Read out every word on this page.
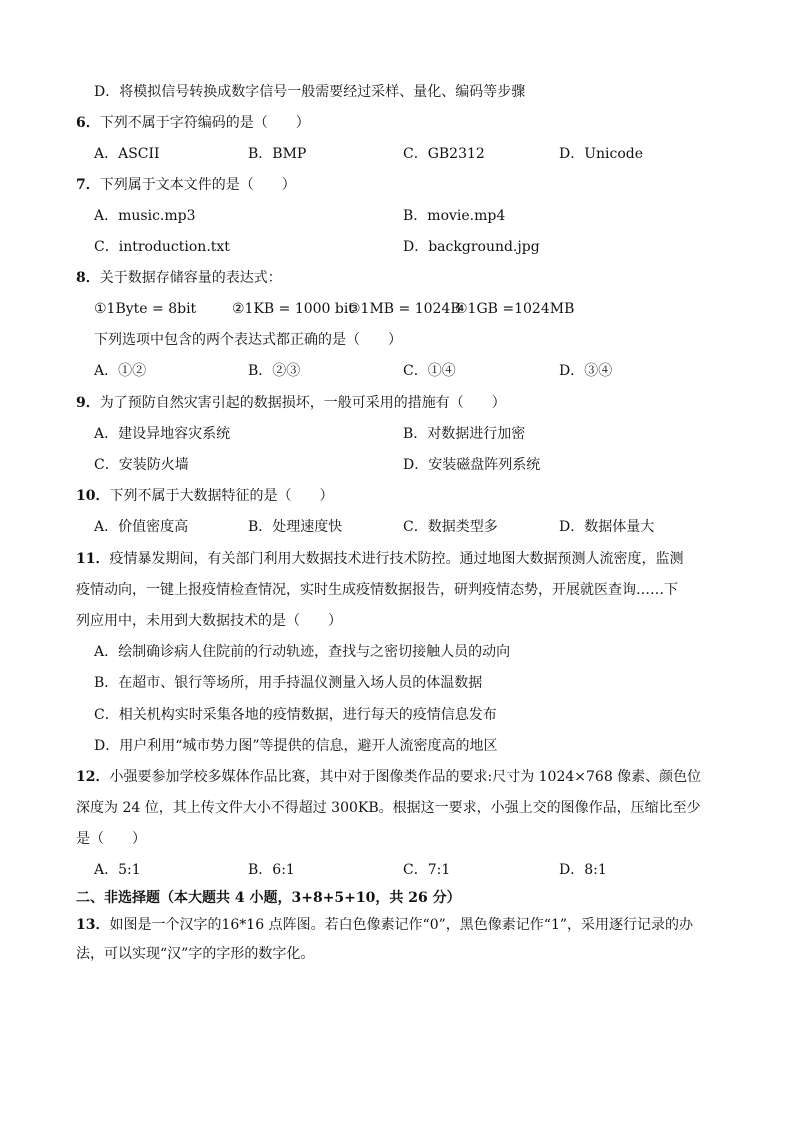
D．将模拟信号转换成数字信号一般需要经过采样、量化、编码等步骤
6．下列不属于字符编码的是（　　）
A．ASCII	B．BMP	C．GB2312	D．Unicode
7．下列属于文本文件的是（　　）
A．music.mp3	B．movie.mp4
C．introduction.txt	D．background.jpg
8．关于数据存储容量的表达式：
①1Byte = 8bit	②1KB = 1000 bit
③1MB = 1024B
④1GB =1024MB
下列选项中包含的两个表达式都正确的是（　　）
A．①②	B．②③	C．①④	D．③④
9．为了预防自然灾害引起的数据损坏，一般可采用的措施有（　　）
A．建设异地容灾系统	B．对数据进行加密
C．安装防火墙	D．安装磁盘阵列系统
10．下列不属于大数据特征的是（　　）
A．价值密度高	B．处理速度快	C．数据类型多	D．数据体量大
11．疫情暴发期间，有关部门利用大数据技术进行技术防控。通过地图大数据预测人流密度，监测
疫情动向，一键上报疫情检查情况，实时生成疫情数据报告，研判疫情态势，开展就医查询……下
列应用中，未用到大数据技术的是（　　）
A．绘制确诊病人住院前的行动轨迹，查找与之密切接触人员的动向
B．在超市、银行等场所，用手持温仪测量入场人员的体温数据
C．相关机构实时采集各地的疫情数据，进行每天的疫情信息发布
D．用户利用“城市势力图”等提供的信息，避开人流密度高的地区
12．小强要参加学校多媒体作品比赛，其中对于图像类作品的要求:尺寸为 1024×768 像素、颜色位
深度为 24 位，其上传文件大小不得超过 300KB。根据这一要求，小强上交的图像作品，压缩比至少
是（　　）
A．5:1	B．6:1	C．7:1	D．8:1
二、非选择题（本大题共 4 小题，3+8+5+10，共 26 分）
13．如图是一个汉字的16*16 点阵图。若白色像素记作“0”，黑色像素记作“1”，采用逐行记录的办
法，可以实现“汉”字的字形的数字化。
